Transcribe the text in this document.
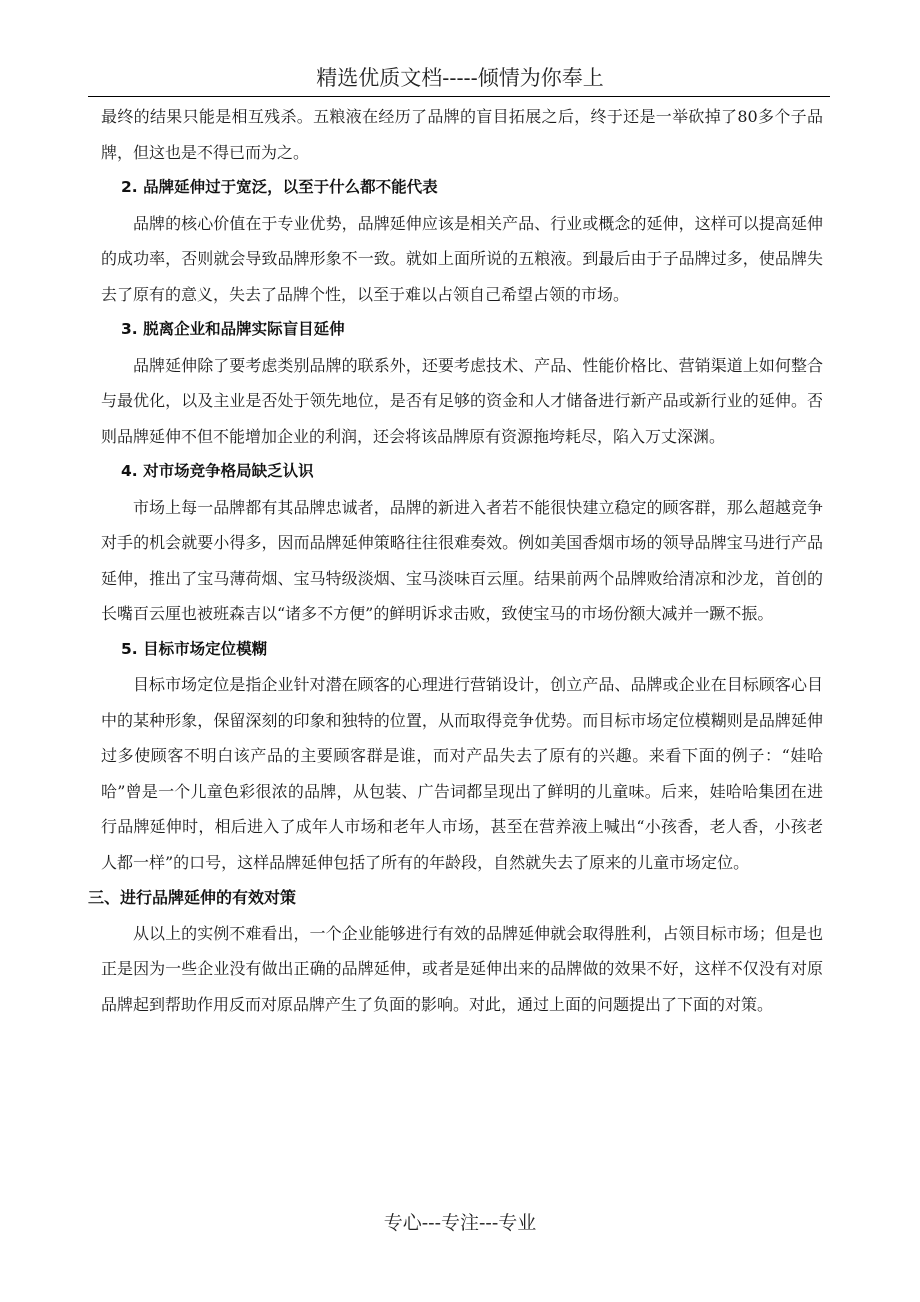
精选优质文档-----倾情为你奉上

最终的结果只能是相互残杀。五粮液在经历了品牌的盲目拓展之后，终于还是一举砍掉了80多个子品牌，但这也是不得已而为之。

2. 品牌延伸过于宽泛，以至于什么都不能代表

品牌的核心价值在于专业优势，品牌延伸应该是相关产品、行业或概念的延伸，这样可以提高延伸的成功率，否则就会导致品牌形象不一致。就如上面所说的五粮液。到最后由于子品牌过多，使品牌失去了原有的意义，失去了品牌个性，以至于难以占领自己希望占领的市场。

3. 脱离企业和品牌实际盲目延伸

品牌延伸除了要考虑类别品牌的联系外，还要考虑技术、产品、性能价格比、营销渠道上如何整合与最优化，以及主业是否处于领先地位，是否有足够的资金和人才储备进行新产品或新行业的延伸。否则品牌延伸不但不能增加企业的利润，还会将该品牌原有资源拖垮耗尽，陷入万丈深渊。

4. 对市场竞争格局缺乏认识

市场上每一品牌都有其品牌忠诚者，品牌的新进入者若不能很快建立稳定的顾客群，那么超越竞争对手的机会就要小得多，因而品牌延伸策略往往很难奏效。例如美国香烟市场的领导品牌宝马进行产品延伸，推出了宝马薄荷烟、宝马特级淡烟、宝马淡味百云厘。结果前两个品牌败给清凉和沙龙，首创的长嘴百云厘也被班森吉以“诸多不方便”的鲜明诉求击败，致使宝马的市场份额大减并一蹶不振。

5. 目标市场定位模糊

目标市场定位是指企业针对潜在顾客的心理进行营销设计，创立产品、品牌或企业在目标顾客心目中的某种形象，保留深刻的印象和独特的位置，从而取得竞争优势。而目标市场定位模糊则是品牌延伸过多使顾客不明白该产品的主要顾客群是谁，而对产品失去了原有的兴趣。来看下面的例子：“娃哈哈”曾是一个儿童色彩很浓的品牌，从包装、广告词都呈现出了鲜明的儿童味。后来，娃哈哈集团在进行品牌延伸时，相后进入了成年人市场和老年人市场，甚至在营养液上喊出“小孩香，老人香，小孩老人都一样”的口号，这样品牌延伸包括了所有的年龄段，自然就失去了原来的儿童市场定位。

三、进行品牌延伸的有效对策

从以上的实例不难看出，一个企业能够进行有效的品牌延伸就会取得胜利，占领目标市场；但是也正是因为一些企业没有做出正确的品牌延伸，或者是延伸出来的品牌做的效果不好，这样不仅没有对原品牌起到帮助作用反而对原品牌产生了负面的影响。对此，通过上面的问题提出了下面的对策。

专心---专注---专业
